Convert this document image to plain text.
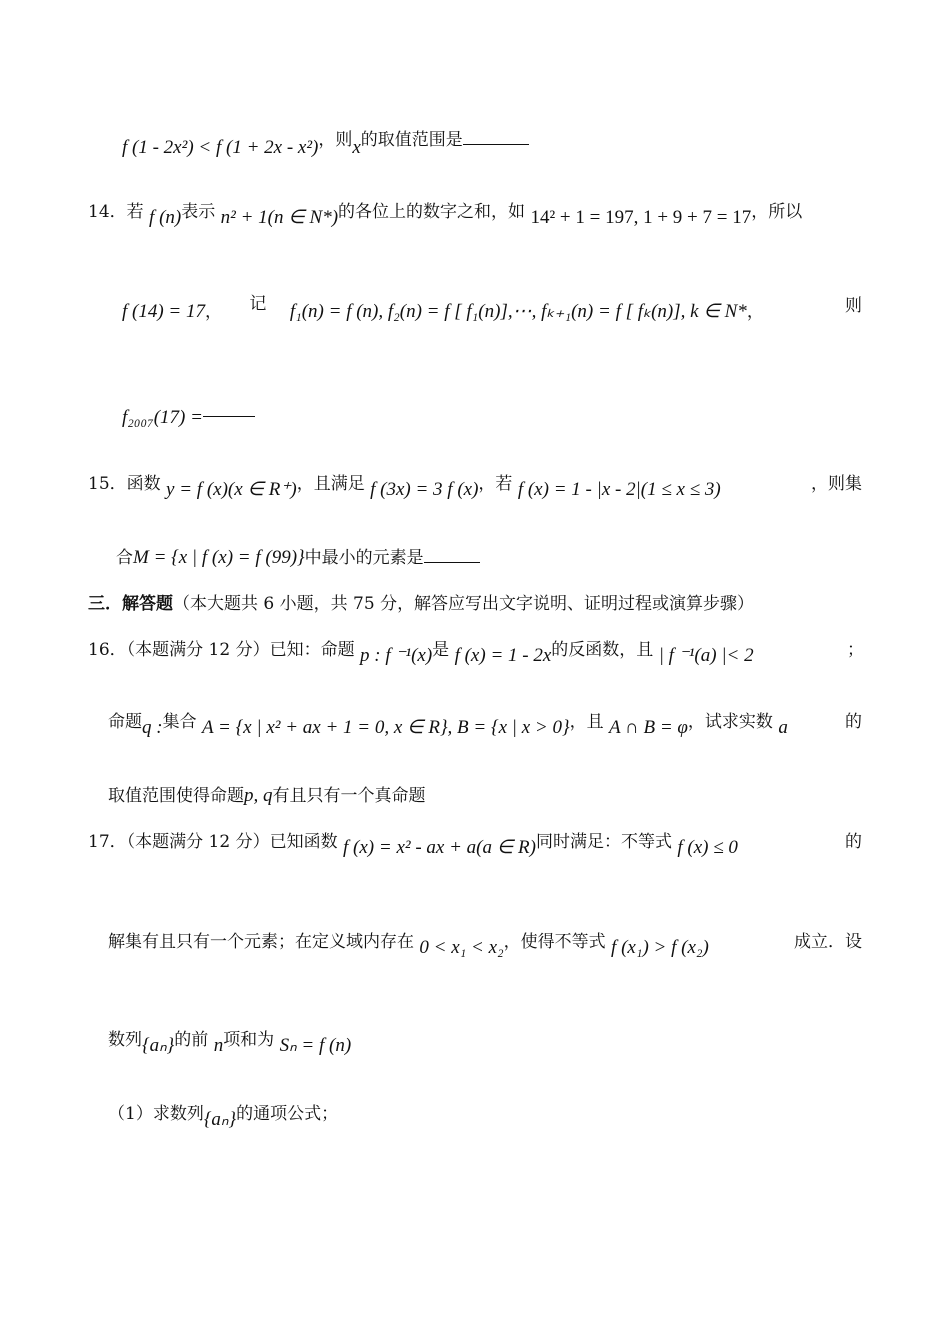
f (1 - 2x²) < f (1 + 2x - x²)，则x的取值范围是
14．若 f (n)表示 n² + 1(n ∈ N*)的各位上的数字之和，如 14² + 1 = 197, 1 + 9 + 7 = 17，所以
f (14) = 17， 记 f₁(n) = f (n), f₂(n) = f [ f₁(n)],⋯, fₖ₊₁(n) = f [ fₖ(n)], k ∈ N*，	则
f₂₀₀₇(17) =
15．函数 y = f (x)(x ∈ R⁺)，且满足 f (3x) = 3 f (x)，若 f (x) = 1 - |x - 2|(1 ≤ x ≤ 3)	，则集
合M = {x | f (x) = f (99)}中最小的元素是
三．解答题（本大题共 6 小题，共 75 分，解答应写出文字说明、证明过程或演算步骤）
16．（本题满分 12 分）已知：命题 p : f ⁻¹(x)是 f (x) = 1 - 2x的反函数，且 | f ⁻¹(a) |< 2	；
命题q :集合 A = {x | x² + ax + 1 = 0, x ∈ R}, B = {x | x > 0}，且 A ∩ B = φ，试求实数 a	的
取值范围使得命题p, q有且只有一个真命题
17．（本题满分 12 分）已知函数 f (x) = x² - ax + a(a ∈ R)同时满足：不等式 f (x) ≤ 0	的
解集有且只有一个元素；在定义域内存在 0 < x₁ < x₂，使得不等式 f (x₁) > f (x₂)	成立．设
数列{aₙ}的前 n项和为 Sₙ = f (n)
（1）求数列{aₙ}的通项公式；
